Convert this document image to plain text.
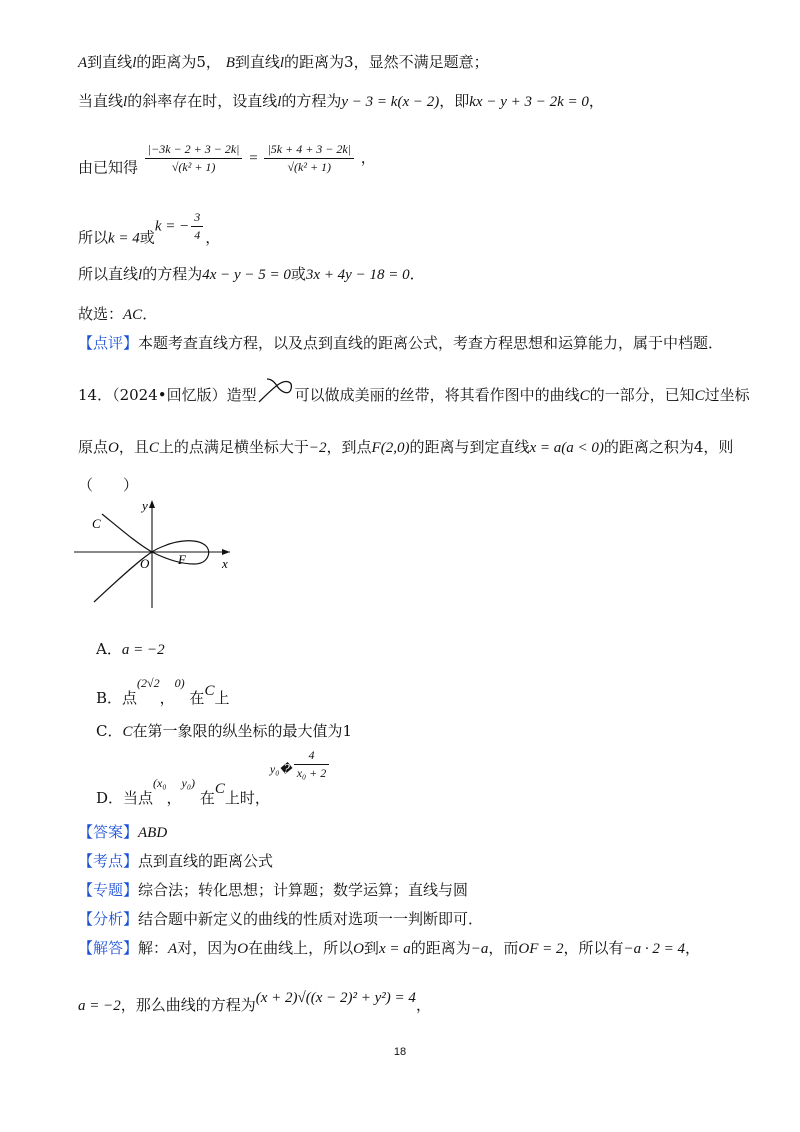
A到直线l的距离为5， B到直线l的距离为3，显然不满足题意；
当直线l的斜率存在时，设直线l的方程为y − 3 = k(x − 2)，即kx − y + 3 − 2k = 0，
由已知得 $\frac{|-3k - 2 + 3 - 2k|}{\text{√(k² + 1)}} = \frac{|5k + 4 + 3 - 2k|}{\text{√(k² + 1)}}$ ，
所以k = 4或k = − $\frac{3}{4}$ ，
所以直线l的方程为4x − y − 5 = 0或3x + 4y − 18 = 0．
故选：AC．
【点评】本题考查直线方程，以及点到直线的距离公式，考查方程思想和运算能力，属于中档题．
14．（2024•回忆版）造型	可以做成美丽的丝带，将其看作图中的曲线C的一部分，已知C过坐标
原点O，且C上的点满足横坐标大于−2，到点F(2,0)的距离与到定直线x = a(a < 0)的距离之积为4，则
（　　）
y
x
C
O F
A．a = −2
B．点$^{(2√2}$，$^{0)}$ 在C上
C．C在第一象限的纵坐标的最大值为1
D．当点$_{(x_0}$，$_{y_0)}$ 在C上时，$^{y_0�} \frac{4}{\text{x₀ + 2}}$
【答案】ABD
【考点】点到直线的距离公式
【专题】综合法；转化思想；计算题；数学运算；直线与圆
【分析】结合题中新定义的曲线的性质对选项一一判断即可．
【解答】解：A对，因为O在曲线上，所以O到x = a的距离为−a，而OF = 2，所以有−a · 2 = 4，
a = −2，那么曲线的方程为(x + 2)√((x − 2)² + y²) = 4，
18
